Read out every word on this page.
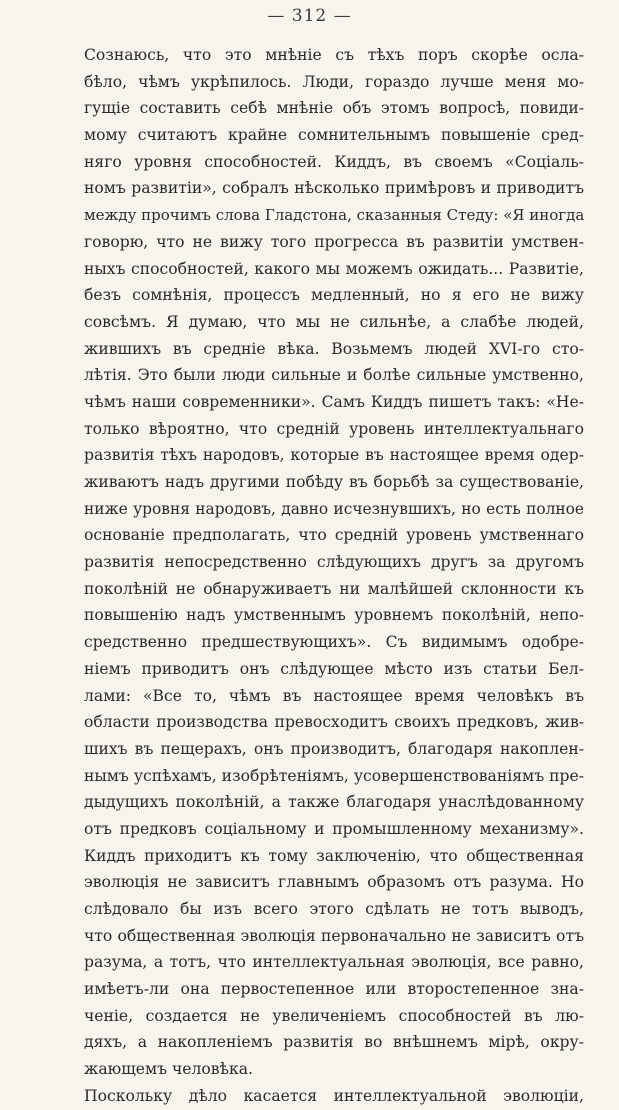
— 312 —
Сознаюсь, что это мнѣніе съ тѣхъ поръ скорѣе осла-
бѣло, чѣмъ укрѣпилось. Люди, гораздо лучше меня мо-
гущіе составить себѣ мнѣніе объ этомъ вопросѣ, повиди-
мому считаютъ крайне сомнительнымъ повышеніе сред-
няго уровня способностей. Киддъ, въ своемъ «Соціаль-
номъ развитіи», собралъ нѣсколько примѣровъ и приводитъ
между прочимъ слова Гладстона, сказанныя Стеду: «Я иногда
говорю, что не вижу того прогресса въ развитіи умствен-
ныхъ способностей, какого мы можемъ ожидать... Развитіе,
безъ сомнѣнія, процессъ медленный, но я его не вижу
совсѣмъ. Я думаю, что мы не сильнѣе, а слабѣе людей,
жившихъ въ средніе вѣка. Возьмемъ людей XVI-го сто-
лѣтія. Это были люди сильные и болѣе сильные умственно,
чѣмъ наши современники». Самъ Киддъ пишетъ такъ: «Не-
только вѣроятно, что средній уровень интеллектуальнаго
развитія тѣхъ народовъ, которые въ настоящее время одер-
живаютъ надъ другими побѣду въ борьбѣ за существованіе,
ниже уровня народовъ, давно исчезнувшихъ, но есть полное
основаніе предполагать, что средній уровень умственнаго
развитія непосредственно слѣдующихъ другъ за другомъ
поколѣній не обнаруживаетъ ни малѣйшей склонности къ
повышенію надъ умственнымъ уровнемъ поколѣній, непо-
средственно предшествующихъ». Съ видимымъ одобре-
ніемъ приводитъ онъ слѣдующее мѣсто изъ статьи Бел-
лами: «Все то, чѣмъ въ настоящее время человѣкъ въ
области производства превосходитъ своихъ предковъ, жив-
шихъ въ пещерахъ, онъ производитъ, благодаря накоплен-
нымъ успѣхамъ, изобрѣтеніямъ, усовершенствованіямъ пре-
дыдущихъ поколѣній, а также благодаря унаслѣдованному
отъ предковъ соціальному и промышленному механизму».
Киддъ приходитъ къ тому заключенію, что общественная
эволюція не зависитъ главнымъ образомъ отъ разума. Но
слѣдовало бы изъ всего этого сдѣлать не тотъ выводъ,
что общественная эволюція первоначально не зависитъ отъ
разума, а тотъ, что интеллектуальная эволюція, все равно,
имѣетъ-ли она первостепенное или второстепенное зна-
ченіе, создается не увеличеніемъ способностей въ лю-
дяхъ, а накопленіемъ развитія во внѣшнемъ мірѣ, окру-
жающемъ человѣка.
Поскольку дѣло касается интеллектуальной эволюціи,
